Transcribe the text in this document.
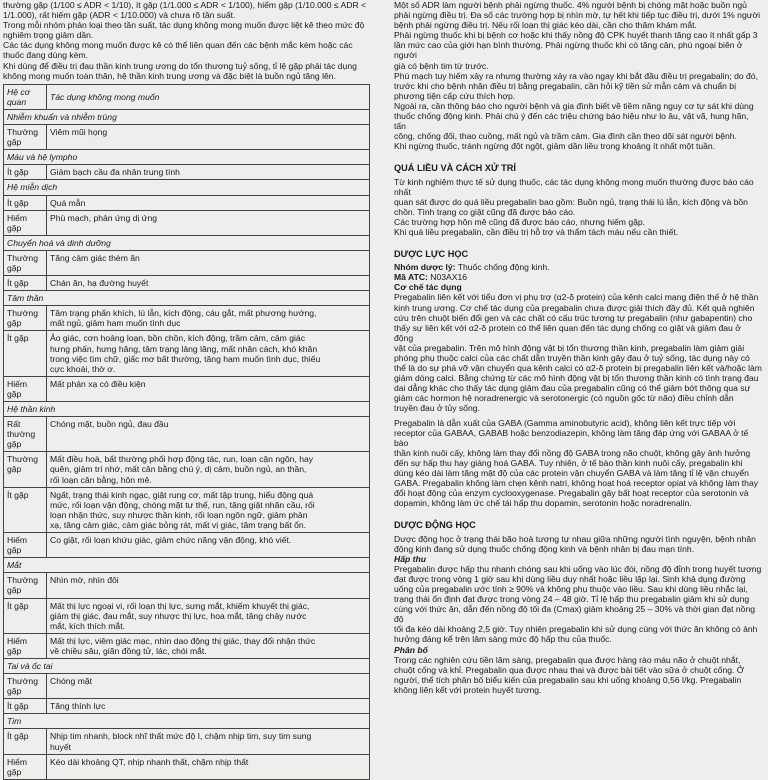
thường gặp (1/100 ≤ ADR < 1/10), ít gặp (1/1.000 ≤ ADR < 1/100), hiếm gặp (1/10.000 ≤ ADR <
1/1.000), rất hiếm gặp (ADR < 1/10.000) và chưa rõ tần suất.

Trong mỗi nhóm phản loại theo tần suất, tác dụng không mong muốn được liệt kê theo mức độ
nghiêm trọng giảm dần.

Các tác dụng không mong muốn được kê có thể liên quan đến các bệnh mắc kèm hoặc các
thuốc đang dùng kèm.

Khi dùng để điều trị đau thần kinh trung ương do tổn thương tuỷ sống, tỉ lệ gặp phải tác dụng
không mong muốn toàn thân, hệ thần kinh trung ương và đặc biệt là buồn ngủ tăng lên.

Hệ cơ quan	Tác dụng không mong muốn
Nhiễm khuẩn và nhiễm trùng	
Thường gặp	Viêm mũi họng
Máu và hệ lympho	
Ít gặp	Giảm bạch cầu đa nhân trung tính
Hệ miễn dịch	
Ít gặp	Quá mẫn
Hiếm gặp	Phù mạch, phản ứng dị ứng
Chuyển hoá và dinh dưỡng	
Thường gặp	Tăng cảm giác thèm ăn
Ít gặp	Chán ăn, hạ đường huyết
Tâm thần	
Thường gặp	Tâm trạng phấn khích, lú lẫn, kích động, cáu gắt, mất phương hướng,
mất ngủ, giảm ham muốn tình dục
Ít gặp	Ảo giác, cơn hoảng loạn, bồn chồn, kích động, trầm cảm, cảm giác
hưng phấn, hưng hăng, tâm trạng lảng lăng, mất nhân cách, khó khăn
trong việc tìm chữ, giấc mơ bất thường, tăng ham muốn tình dục, thiếu
cực khoái, thờ ơ.
Hiếm gặp	Mất phản xạ có điều kiện
Hệ thần kinh	
Rất thường gặp	Chóng mặt, buồn ngủ, đau đầu
Thường gặp	Mất điều hoà, bất thường phối hợp động tác, run, loạn cận ngôn, hay
quên, giảm trí nhớ, mất cân bằng chú ý, dị cảm, buồn ngủ, an thần,
rối loạn cân bằng, hôn mê.
Ít gặp	Ngất, trạng thái kinh ngạc, giật rung cơ, mất tập trung, hiểu động quá
mức, rối loạn vận động, chóng mặt tư thế, run, tăng giật nhãn cầu, rối
loạn nhận thức, suy nhược thần kinh, rối loạn ngôn ngữ, giảm phản
xạ, tăng cảm giác, cảm giác bỏng rát, mất vị giác, tăm trạng bất ổn.
Hiếm gặp	Co giật, rối loạn khứu giác, giảm chức năng vận động, khó viết.
Mắt	
Thường gặp	Nhìn mờ, nhìn đôi
Ít gặp	Mất thị lực ngoại vi, rối loạn thị lực, sưng mắt, khiếm khuyết thị giác,
giảm thị giác, đau mắt, suy nhược thị lực, hoa mắt, tăng chảy nước
mắt, kích thích mắt.
Hiếm gặp	Mất thị lực, viêm giác mạc, nhìn dao động thị giác, thay đổi nhận thức
về chiều sâu, giãn đồng tử, lác, chói mắt.
Tai và ốc tai	
Thường gặp	Chóng mặt
Ít gặp	Tăng thính lực
Tim	
Ít gặp	Nhịp tim nhanh, block nhĩ thất mức độ I, chậm nhịp tim, suy tim sung
huyết
Hiếm gặp	Kéo dài khoảng QT, nhịp nhanh thất, chậm nhịp thất

Một số ADR làm người bệnh phải ngừng thuốc. 4% người bệnh bị chóng mặt hoặc buồn ngủ
phải ngừng điều trị. Đa số các trường hợp bị nhìn mờ, tự hết khi tiếp tục điều trị, dưới 1% người
bệnh phải ngừng điều trị. Nếu rối loạn thị giác kéo dài, cần cho thăm khám mắt.

Phải ngừng thuốc khi bị bệnh cơ hoặc khi thấy nồng độ CPK huyết thanh tăng cao ít nhất gấp 3
lần mức cao của giới hạn bình thường. Phải ngừng thuốc khi có tăng cân, phù ngoại biên ở người
già có bệnh tim từ trước.

Phù mạch tuy hiếm xảy ra nhưng thường xảy ra vào ngay khi bắt đầu điều trị pregabalin; do đó,
trước khi cho bệnh nhân điều trị bằng pregabalin, cần hỏi kỹ tiền sử mẫn cảm và chuẩn bị
phương tiện cấp cứu thích hợp.

Ngoài ra, cần thông báo cho người bệnh và gia đình biết về tiềm năng nguy cơ tự sát khi dùng
thuốc chống động kinh. Phải chú ý đến các triệu chứng báo hiệu như lo âu, vật vã, hung hãn, tấn
công, chống đối, thao cuồng, mất ngủ và trầm cảm. Gia đình cần theo dõi sát người bệnh.

Khi ngừng thuốc, tránh ngừng đột ngột, giảm dần liều trong khoảng ít nhất một tuần.

QUÁ LIỀU VÀ CÁCH XỬ TRÍ

Từ kinh nghiệm thực tế sử dụng thuốc, các tác dụng không mong muốn thường được báo cáo nhất
quan sát được do quá liều pregabalin bao gồm: Buồn ngủ, trạng thái lú lẫn, kích động và bồn
chồn. Tình trạng co giật cũng đã được báo cáo.

Các trường hợp hôn mê cũng đã được báo cáo, nhưng hiếm gặp.

Khi quá liều pregabalin, cần điều trị hỗ trợ và thẩm tách máu nếu cần thiết.

DƯỢC LỰC HỌC

Nhóm dược lý: Thuốc chống động kinh.

Mã ATC: N03AX16

Cơ chế tác dụng

Pregabalin liên kết với tiểu đơn vị phụ trợ (α2-δ protein) của kênh calci mang điện thế ở hệ thần
kinh trung ương. Cơ chế tác dụng của pregabalin chưa được giải thích đầy đủ. Kết quả nghiên
cứu trên chuột biến đổi gen và các chất có cấu trúc tương tự pregabalin (như gabapentin) cho
thấy sự liên kết với α2-δ protein có thể liên quan đến tác dụng chống co giật và giảm đau ở động
vật của pregabalin. Trên mô hình động vật bị tổn thương thần kinh, pregabalin làm giảm giải
phóng phụ thuộc calci của các chất dẫn truyền thần kinh gây đau ở tuỷ sống, tác dụng này có
thể là do sự phá vỡ vận chuyển qua kênh calci có α2-δ protein bị pregabalin liên kết và/hoặc làm
giảm dòng calci. Bằng chứng từ các mô hình động vật bị tổn thương thần kinh có tình trạng đau
dai dẳng khác cho thấy tác dụng giảm đau của pregabalin cũng có thể giảm bớt thông qua sự
giảm các hormon hệ noradrenergic và serotonergic (có nguồn gốc từ não) điều chỉnh dẫn
truyền đau ở tủy sống.

Pregabalin là dẫn xuất của GABA (Gamma aminobutyric acid), không liên kết trực tiếp với
receptor của GABAA, GABAB hoặc benzodiazepin, không làm tăng đáp ứng với GABAA ở tế bào
thần kinh nuôi cấy, không làm thay đổi nồng độ GABA trong não chuột, không gây ảnh hưởng
đến sự hấp thu hay giáng hoá GABA. Tuy nhiên, ở tế bào thần kinh nuôi cấy, pregabalin khi
dùng kéo dài làm tăng mật độ của các protein vận chuyển GABA và làm tăng tỉ lệ vận chuyển
GABA. Pregabalin không làm chẹn kênh natri, không hoạt hoá receptor opiat và không làm thay
đổi hoạt động của enzym cyclooxygenase. Pregabalin gây bất hoạt receptor của serotonin và
dopamin, không làm ức chế tái hấp thu dopamin, serotonin hoặc noradrenalin.

DƯỢC ĐỘNG HỌC

Dược động học ở trạng thái bão hoà tương tự nhau giữa những người tình nguyện, bệnh nhân
động kinh đang sử dụng thuốc chống động kinh và bệnh nhân bị đau mạn tính.

Hấp thu

Pregabalin được hấp thu nhanh chóng sau khi uống vào lúc đói, nồng độ đỉnh trong huyết tương
đạt được trong vòng 1 giờ sau khi dùng liều duy nhất hoặc liều lặp lại. Sinh khả dụng đường
uống của pregabalin ước tính ≥ 90% và không phụ thuộc vào liều. Sau khi dùng liều nhắc lại,
trạng thái ổn định đạt được trong vòng 24 – 48 giờ. Tỉ lệ hấp thu pregabalin giảm khi sử dụng
cùng với thức ăn, dẫn đến nồng độ tối đa (Cmax) giảm khoảng 25 – 30% và thời gian đạt nồng độ
tối đa kéo dài khoảng 2,5 giờ. Tuy nhiên pregabalin khi sử dụng cùng với thức ăn không có ảnh
hưởng đáng kể trên lâm sàng mức độ hấp thu của thuốc.

Phân bố

Trong các nghiên cứu tiền lâm sàng, pregabalin qua được hàng rào máu não ở chuột nhắt,
chuột cống và khỉ. Pregabalin qua được nhau thai và được bài tiết vào sữa ở chuột cống. Ở
người, thể tích phân bố biểu kiến của pregabalin sau khi uống khoảng 0,56 l/kg. Pregabalin
không liên kết với protein huyết tương.
